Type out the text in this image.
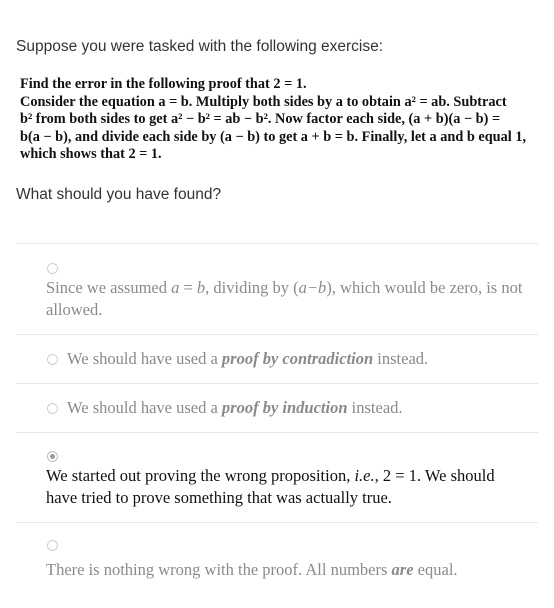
Suppose you were tasked with the following exercise:
Find the error in the following proof that 2 = 1.
Consider the equation a = b. Multiply both sides by a to obtain a² = ab. Subtract
b² from both sides to get a² − b² = ab − b². Now factor each side, (a + b)(a − b) =
b(a − b), and divide each side by (a − b) to get a + b = b. Finally, let a and b equal 1,
which shows that 2 = 1.
What should you have found?
Since we assumed a = b, dividing by (a−b), which would be zero, is not allowed.
We should have used a proof by contradiction instead.
We should have used a proof by induction instead.
We started out proving the wrong proposition, i.e., 2 = 1. We should have tried to prove something that was actually true.
There is nothing wrong with the proof. All numbers are equal.
